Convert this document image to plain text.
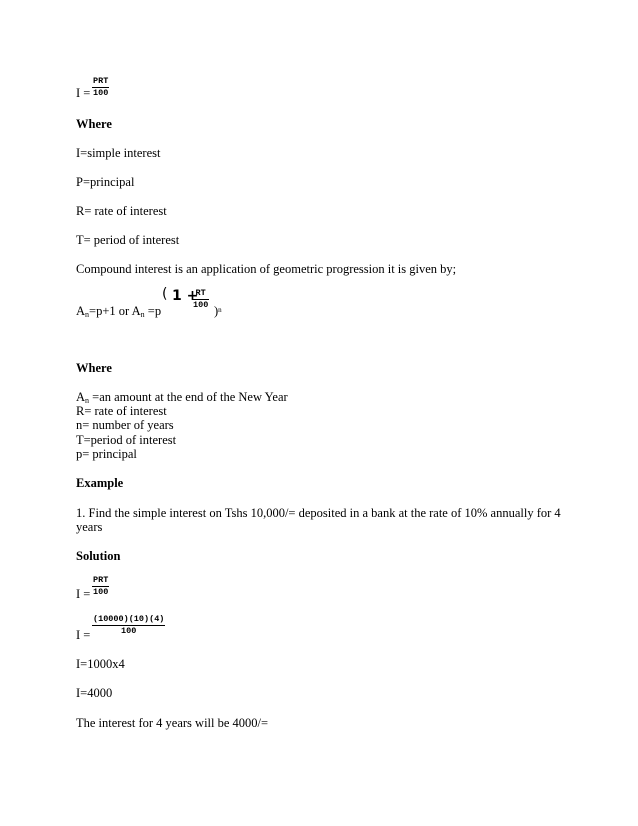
I =
PRT
100
Where
I=simple interest
P=principal
R= rate of interest
T= period of interest
Compound interest is an application of geometric progression it is given by;
$A_n=p+1$ or $A_n =p$
( 1 +
$\frac{RT}{100} )^n$
Where
$A_n =an$ amount at the end of the New Year
R= rate of interest
n= number of years
T=period of interest
p= principal
Example
1. Find the simple interest on Tshs 10,000/= deposited in a bank at the rate of 10% annually for 4
years
Solution
I =
PRT
100
$I = \frac{(10000)(10)(4)}{100}$
I=1000x4
I=4000
The interest for 4 years will be 4000/=
